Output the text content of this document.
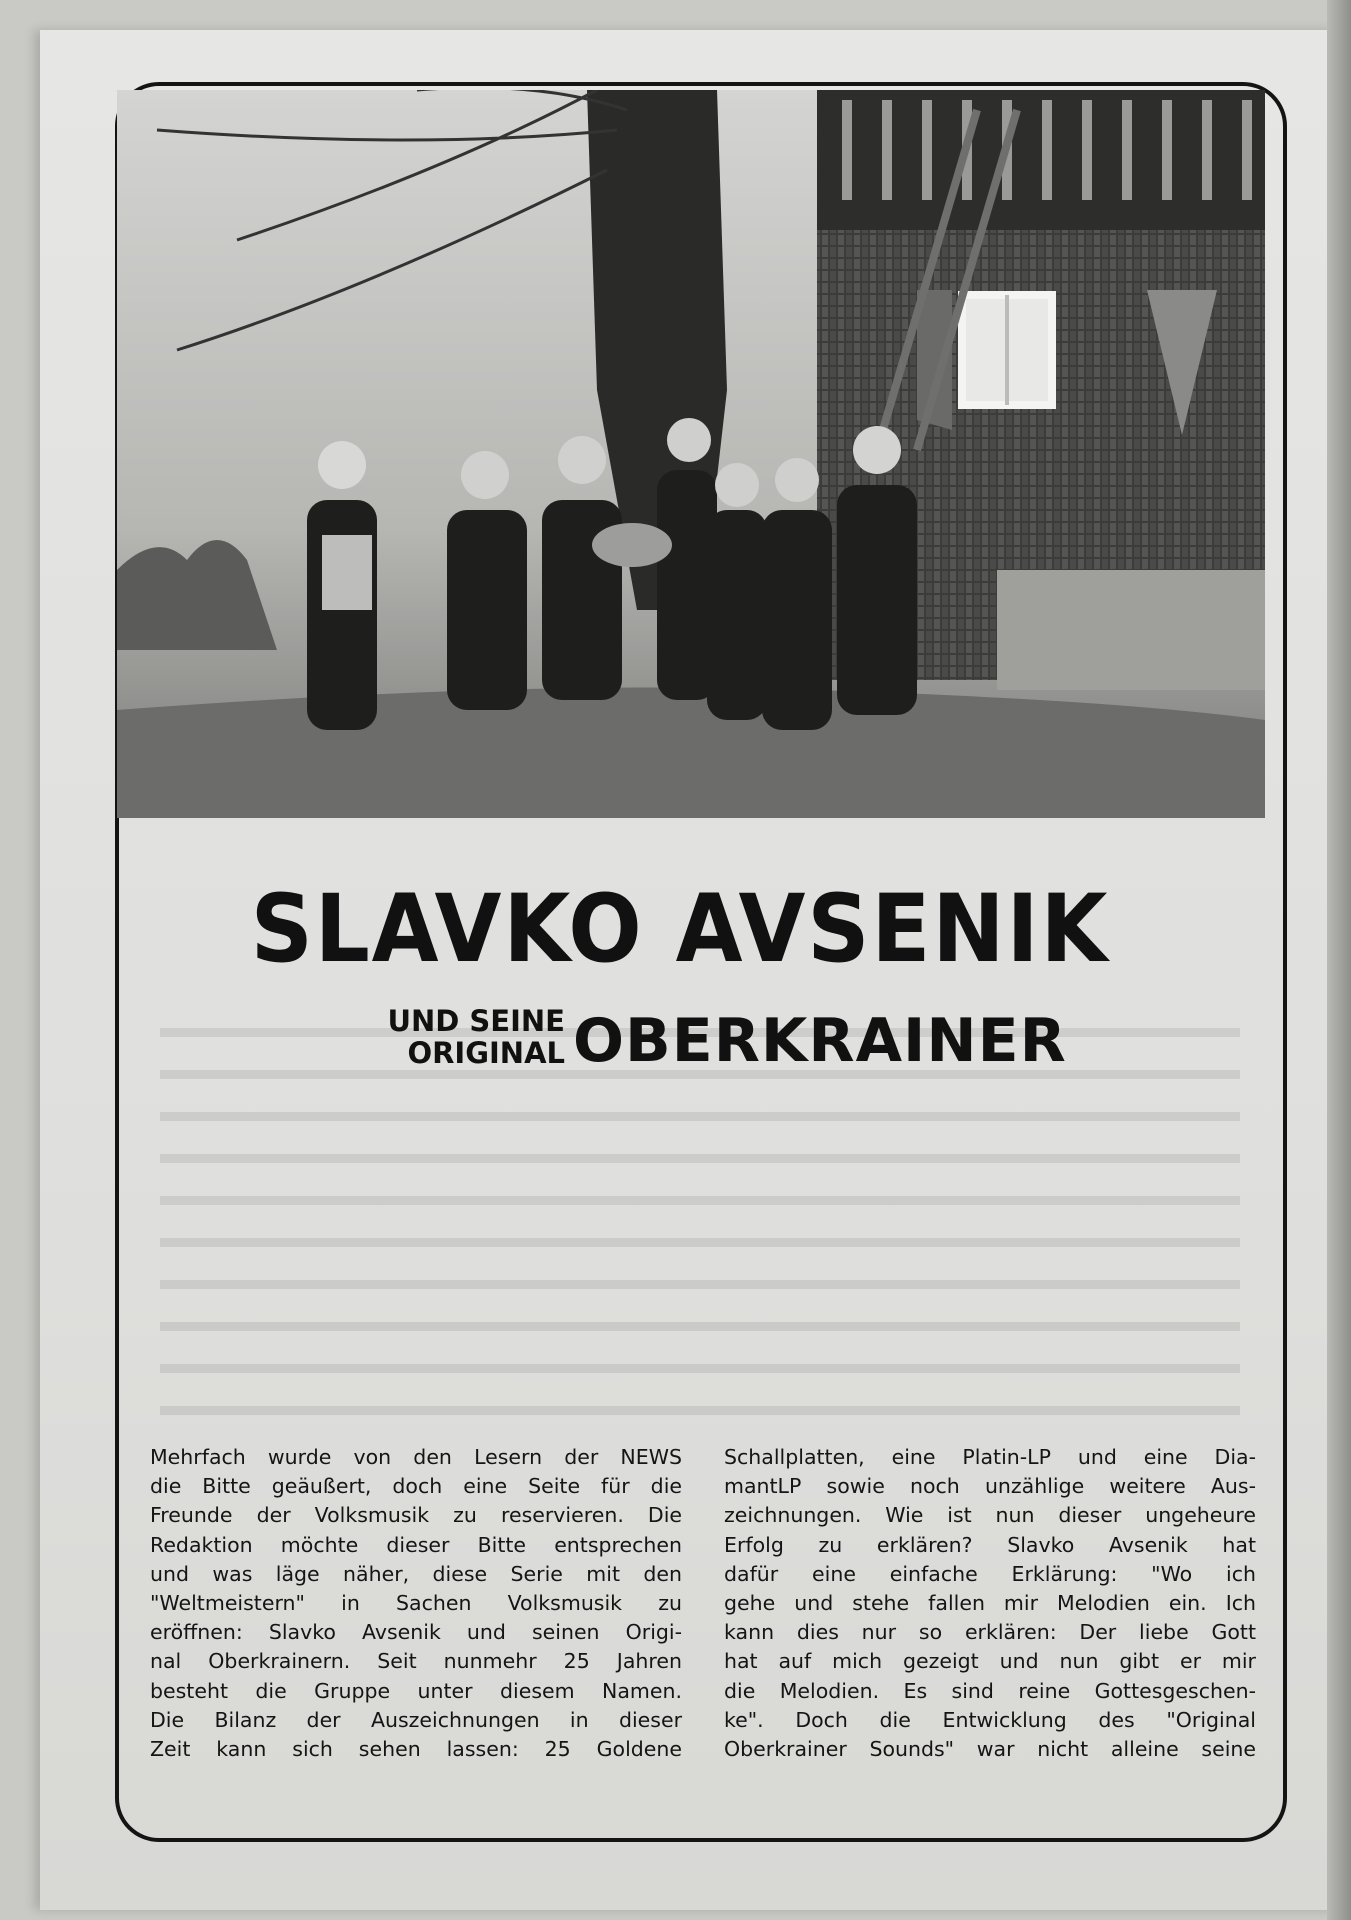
SLAVKO AVSENIK
UND SEINE
ORIGINAL OBERKRAINER
Mehrfach wurde von den Lesern der NEWS
die Bitte geäußert, doch eine Seite für die
Freunde der Volksmusik zu reservieren. Die
Redaktion möchte dieser Bitte entsprechen
und was läge näher, diese Serie mit den
"Weltmeistern" in Sachen Volksmusik zu
eröffnen: Slavko Avsenik und seinen Origi-
nal Oberkrainern. Seit nunmehr 25 Jahren
besteht die Gruppe unter diesem Namen.
Die Bilanz der Auszeichnungen in dieser
Zeit kann sich sehen lassen: 25 Goldene
Schallplatten, eine Platin-LP und eine Dia-
mantLP sowie noch unzählige weitere Aus-
zeichnungen. Wie ist nun dieser ungeheure
Erfolg zu erklären? Slavko Avsenik hat
dafür eine einfache Erklärung: "Wo ich
gehe und stehe fallen mir Melodien ein. Ich
kann dies nur so erklären: Der liebe Gott
hat auf mich gezeigt und nun gibt er mir
die Melodien. Es sind reine Gottesgeschen-
ke". Doch die Entwicklung des "Original
Oberkrainer Sounds" war nicht alleine seine
